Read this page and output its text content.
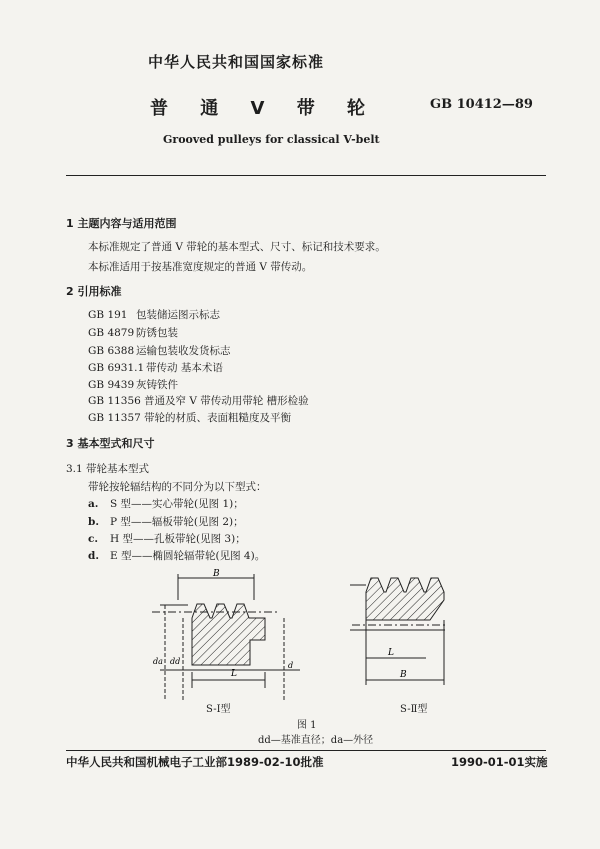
中华人民共和国国家标准
普 通 V 带 轮	GB 10412—89
Grooved pulleys for classical V-belt
1 主题内容与适用范围
本标准规定了普通 V 带轮的基本型式、尺寸、标记和技术要求。
本标准适用于按基准宽度规定的普通 V 带传动。
2 引用标准
GB 191 包装储运图示标志
GB 4879 防锈包装
GB 6388 运输包装收发货标志
GB 6931.1 带传动 基本术语
GB 9439 灰铸铁件
GB 11356 普通及窄 V 带传动用带轮 槽形检验
GB 11357 带轮的材质、表面粗糙度及平衡
3 基本型式和尺寸
3.1 带轮基本型式
带轮按轮辐结构的不同分为以下型式：
a. S 型——实心带轮(见图 1)；
b. P 型——辐板带轮(见图 2)；
c. H 型——孔板带轮(见图 3)；
d. E 型——椭圆轮辐带轮(见图 4)。
B
L
da dd	d
L
B
S-Ⅰ型	S-Ⅱ型
图 1
dd—基准直径；da—外径
中华人民共和国机械电子工业部1989-02-10批准	1990-01-01实施
